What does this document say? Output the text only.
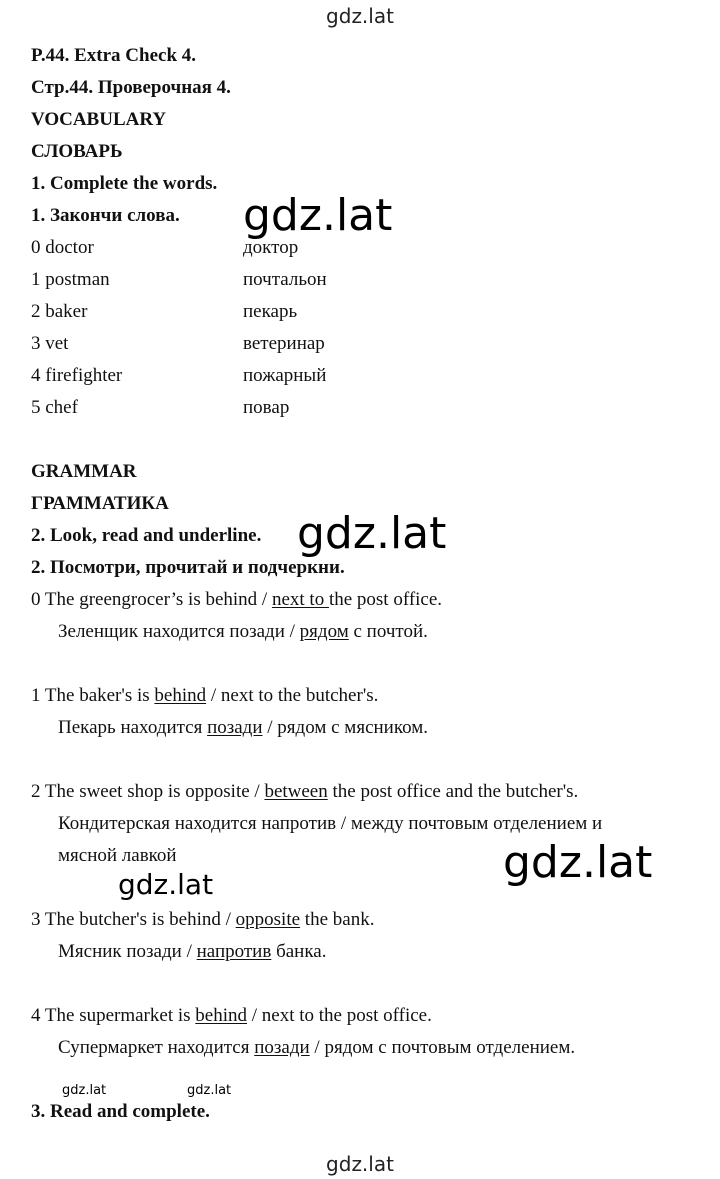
gdz.lat
gdz.lat
gdz.lat
gdz.lat
gdz.lat
gdz.lat	gdz.lat
gdz.lat
P.44. Extra Check 4.
Стр.44. Проверочная 4.
VOCABULARY
СЛОВАРЬ
1. Complete the words.
1. Закончи слова.
0 doctor	доктор
1 postman	почтальон
2 baker	пекарь
3 vet	ветеринар
4 firefighter	пожарный
5 chef	повар
GRAMMAR
ГРАММАТИКА
2. Look, read and underline.
2. Посмотри, прочитай и подчеркни.
0 The greengrocer’s is behind / next to the post office.
Зеленщик находится позади / рядом с почтой.
1 The baker's is behind / next to the butcher's.
Пекарь находится позади / рядом с мясником.
2 The sweet shop is opposite / between the post office and the butcher's.
Кондитерская находится напротив / между почтовым отделением и
мясной лавкой
3 The butcher's is behind / opposite the bank.
Мясник позади / напротив банка.
4 The supermarket is behind / next to the post office.
Супермаркет находится позади / рядом с почтовым отделением.
3. Read and complete.
